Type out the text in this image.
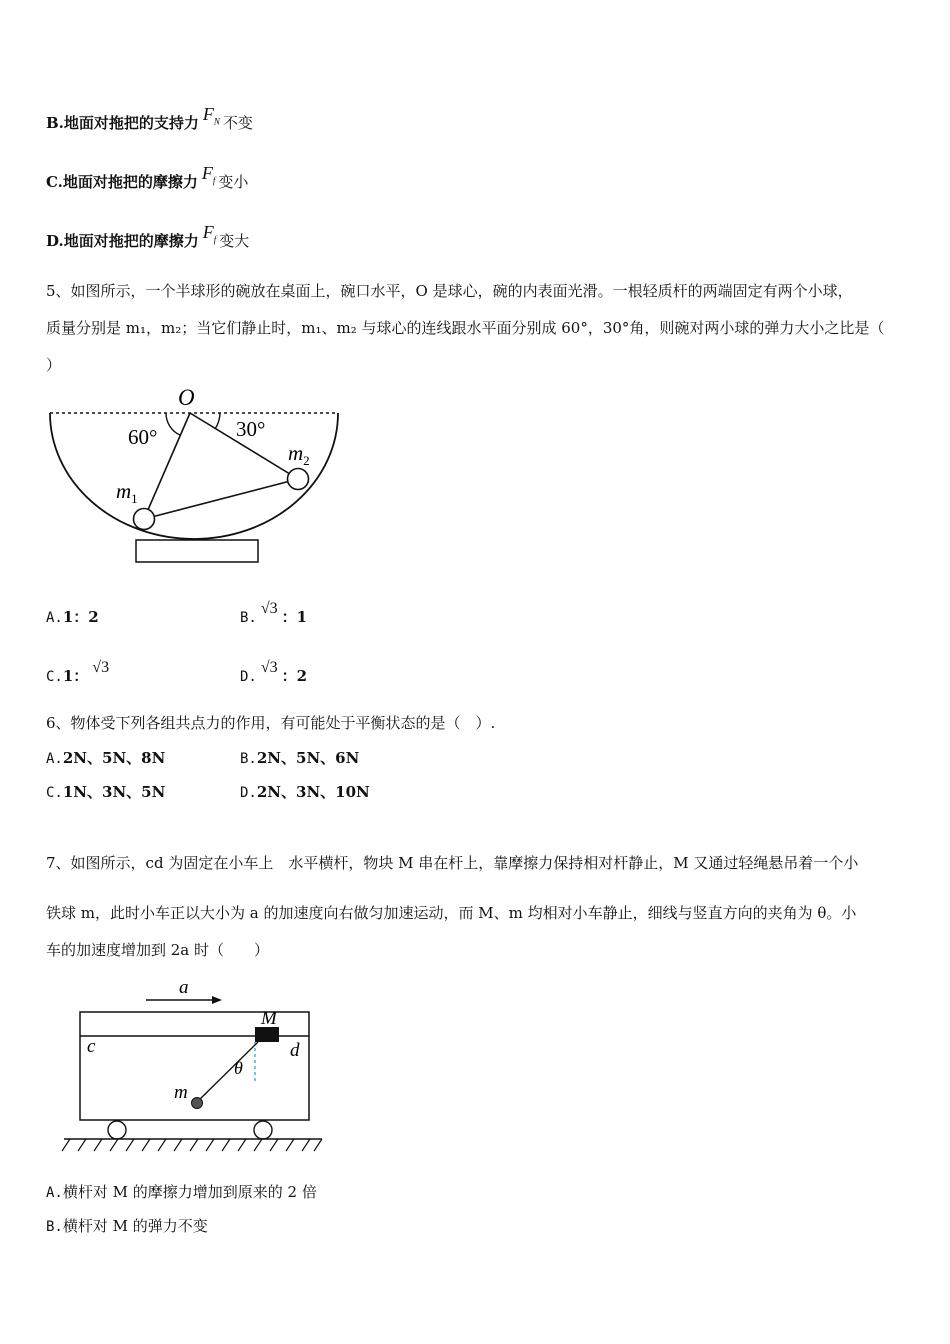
B.地面对拖把的支持力 $F_N$ 不变
C.地面对拖把的摩擦力 $F_f$ 变小
D.地面对拖把的摩擦力 $F_f$ 变大
5、如图所示，一个半球形的碗放在桌面上，碗口水平，O 是球心，碗的内表面光滑。一根轻质杆的两端固定有两个小球，
质量分别是 m₁，m₂；当它们静止时，m₁、m₂ 与球心的连线跟水平面分别成 60°，30°角，则碗对两小球的弹力大小之比是（
）
O
60°	30°
$m_1$
$m_2$
A.1：2	B.√3 ：1
C.1： √3
D.√3 ：2
6、物体受下列各组共点力的作用，有可能处于平衡状态的是（　）.
A.2N、5N、8N	B.2N、5N、6N
C.1N、3N、5N	D.2N、3N、10N
7、如图所示，cd 为固定在小车上　水平横杆，物块 M 串在杆上，靠摩擦力保持相对杆静止，M 又通过轻绳悬吊着一个小
铁球 m，此时小车正以大小为 a 的加速度向右做匀加速运动，而 M、m 均相对小车静止，细线与竖直方向的夹角为 θ。小
车的加速度增加到 2a 时（　　）
a
M
c	d
θ
m
A.横杆对 M 的摩擦力增加到原来的 2 倍
B.横杆对 M 的弹力不变
